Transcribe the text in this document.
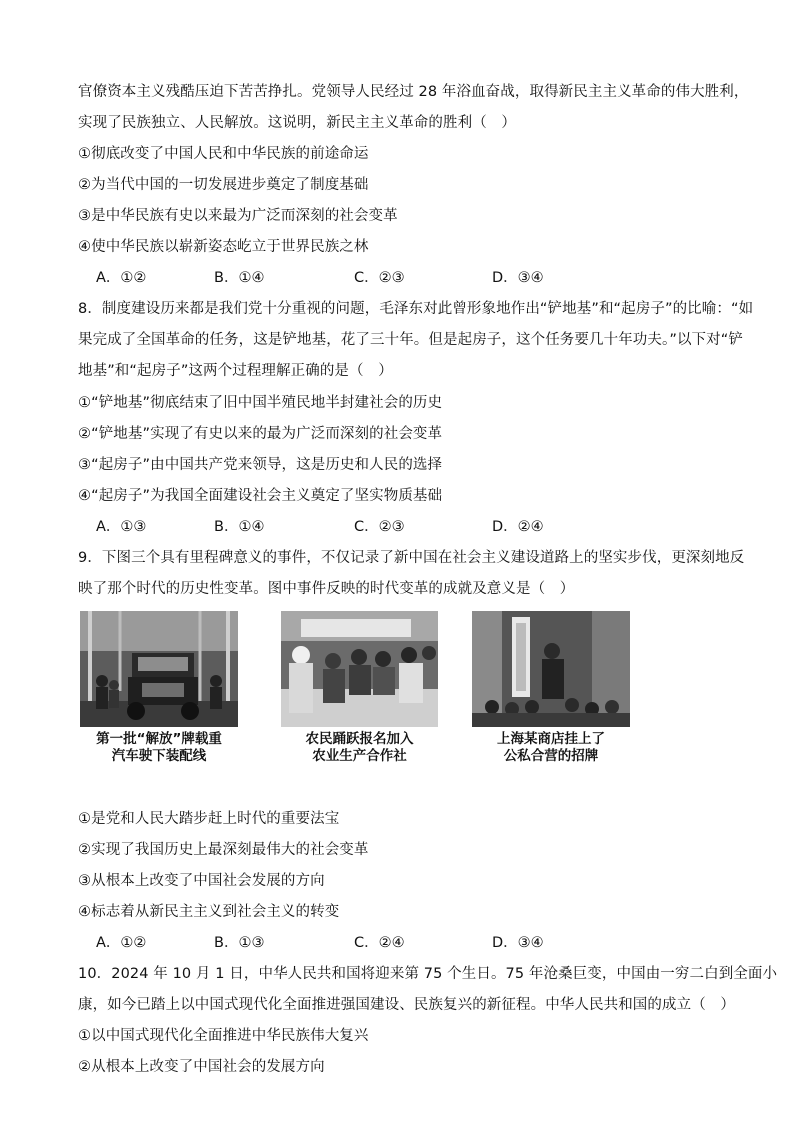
官僚资本主义残酷压迫下苦苦挣扎。党领导人民经过 28 年浴血奋战，取得新民主主义革命的伟大胜利，
实现了民族独立、人民解放。这说明，新民主主义革命的胜利（　）
①彻底改变了中国人民和中华民族的前途命运
②为当代中国的一切发展进步奠定了制度基础
③是中华民族有史以来最为广泛而深刻的社会变革
④使中华民族以崭新姿态屹立于世界民族之林
A．①②	B．①④	C．②③	D．③④
8．制度建设历来都是我们党十分重视的问题，毛泽东对此曾形象地作出“铲地基”和“起房子”的比喻：“如
果完成了全国革命的任务，这是铲地基，花了三十年。但是起房子，这个任务要几十年功夫。”以下对“铲
地基”和“起房子”这两个过程理解正确的是（　）
①“铲地基”彻底结束了旧中国半殖民地半封建社会的历史
②“铲地基”实现了有史以来的最为广泛而深刻的社会变革
③“起房子”由中国共产党来领导，这是历史和人民的选择
④“起房子”为我国全面建设社会主义奠定了坚实物质基础
A．①③	B．①④	C．②③	D．②④
9．下图三个具有里程碑意义的事件，不仅记录了新中国在社会主义建设道路上的坚实步伐，更深刻地反
映了那个时代的历史性变革。图中事件反映的时代变革的成就及意义是（　）
第一批“解放”牌载重
汽车驶下装配线
农民踊跃报名加入
农业生产合作社
上海某商店挂上了
公私合营的招牌
①是党和人民大踏步赶上时代的重要法宝
②实现了我国历史上最深刻最伟大的社会变革
③从根本上改变了中国社会发展的方向
④标志着从新民主主义到社会主义的转变
A．①②	B．①③	C．②④	D．③④
10．2024 年 10 月 1 日，中华人民共和国将迎来第 75 个生日。75 年沧桑巨变，中国由一穷二白到全面小
康，如今已踏上以中国式现代化全面推进强国建设、民族复兴的新征程。中华人民共和国的成立（　）
①以中国式现代化全面推进中华民族伟大复兴
②从根本上改变了中国社会的发展方向
